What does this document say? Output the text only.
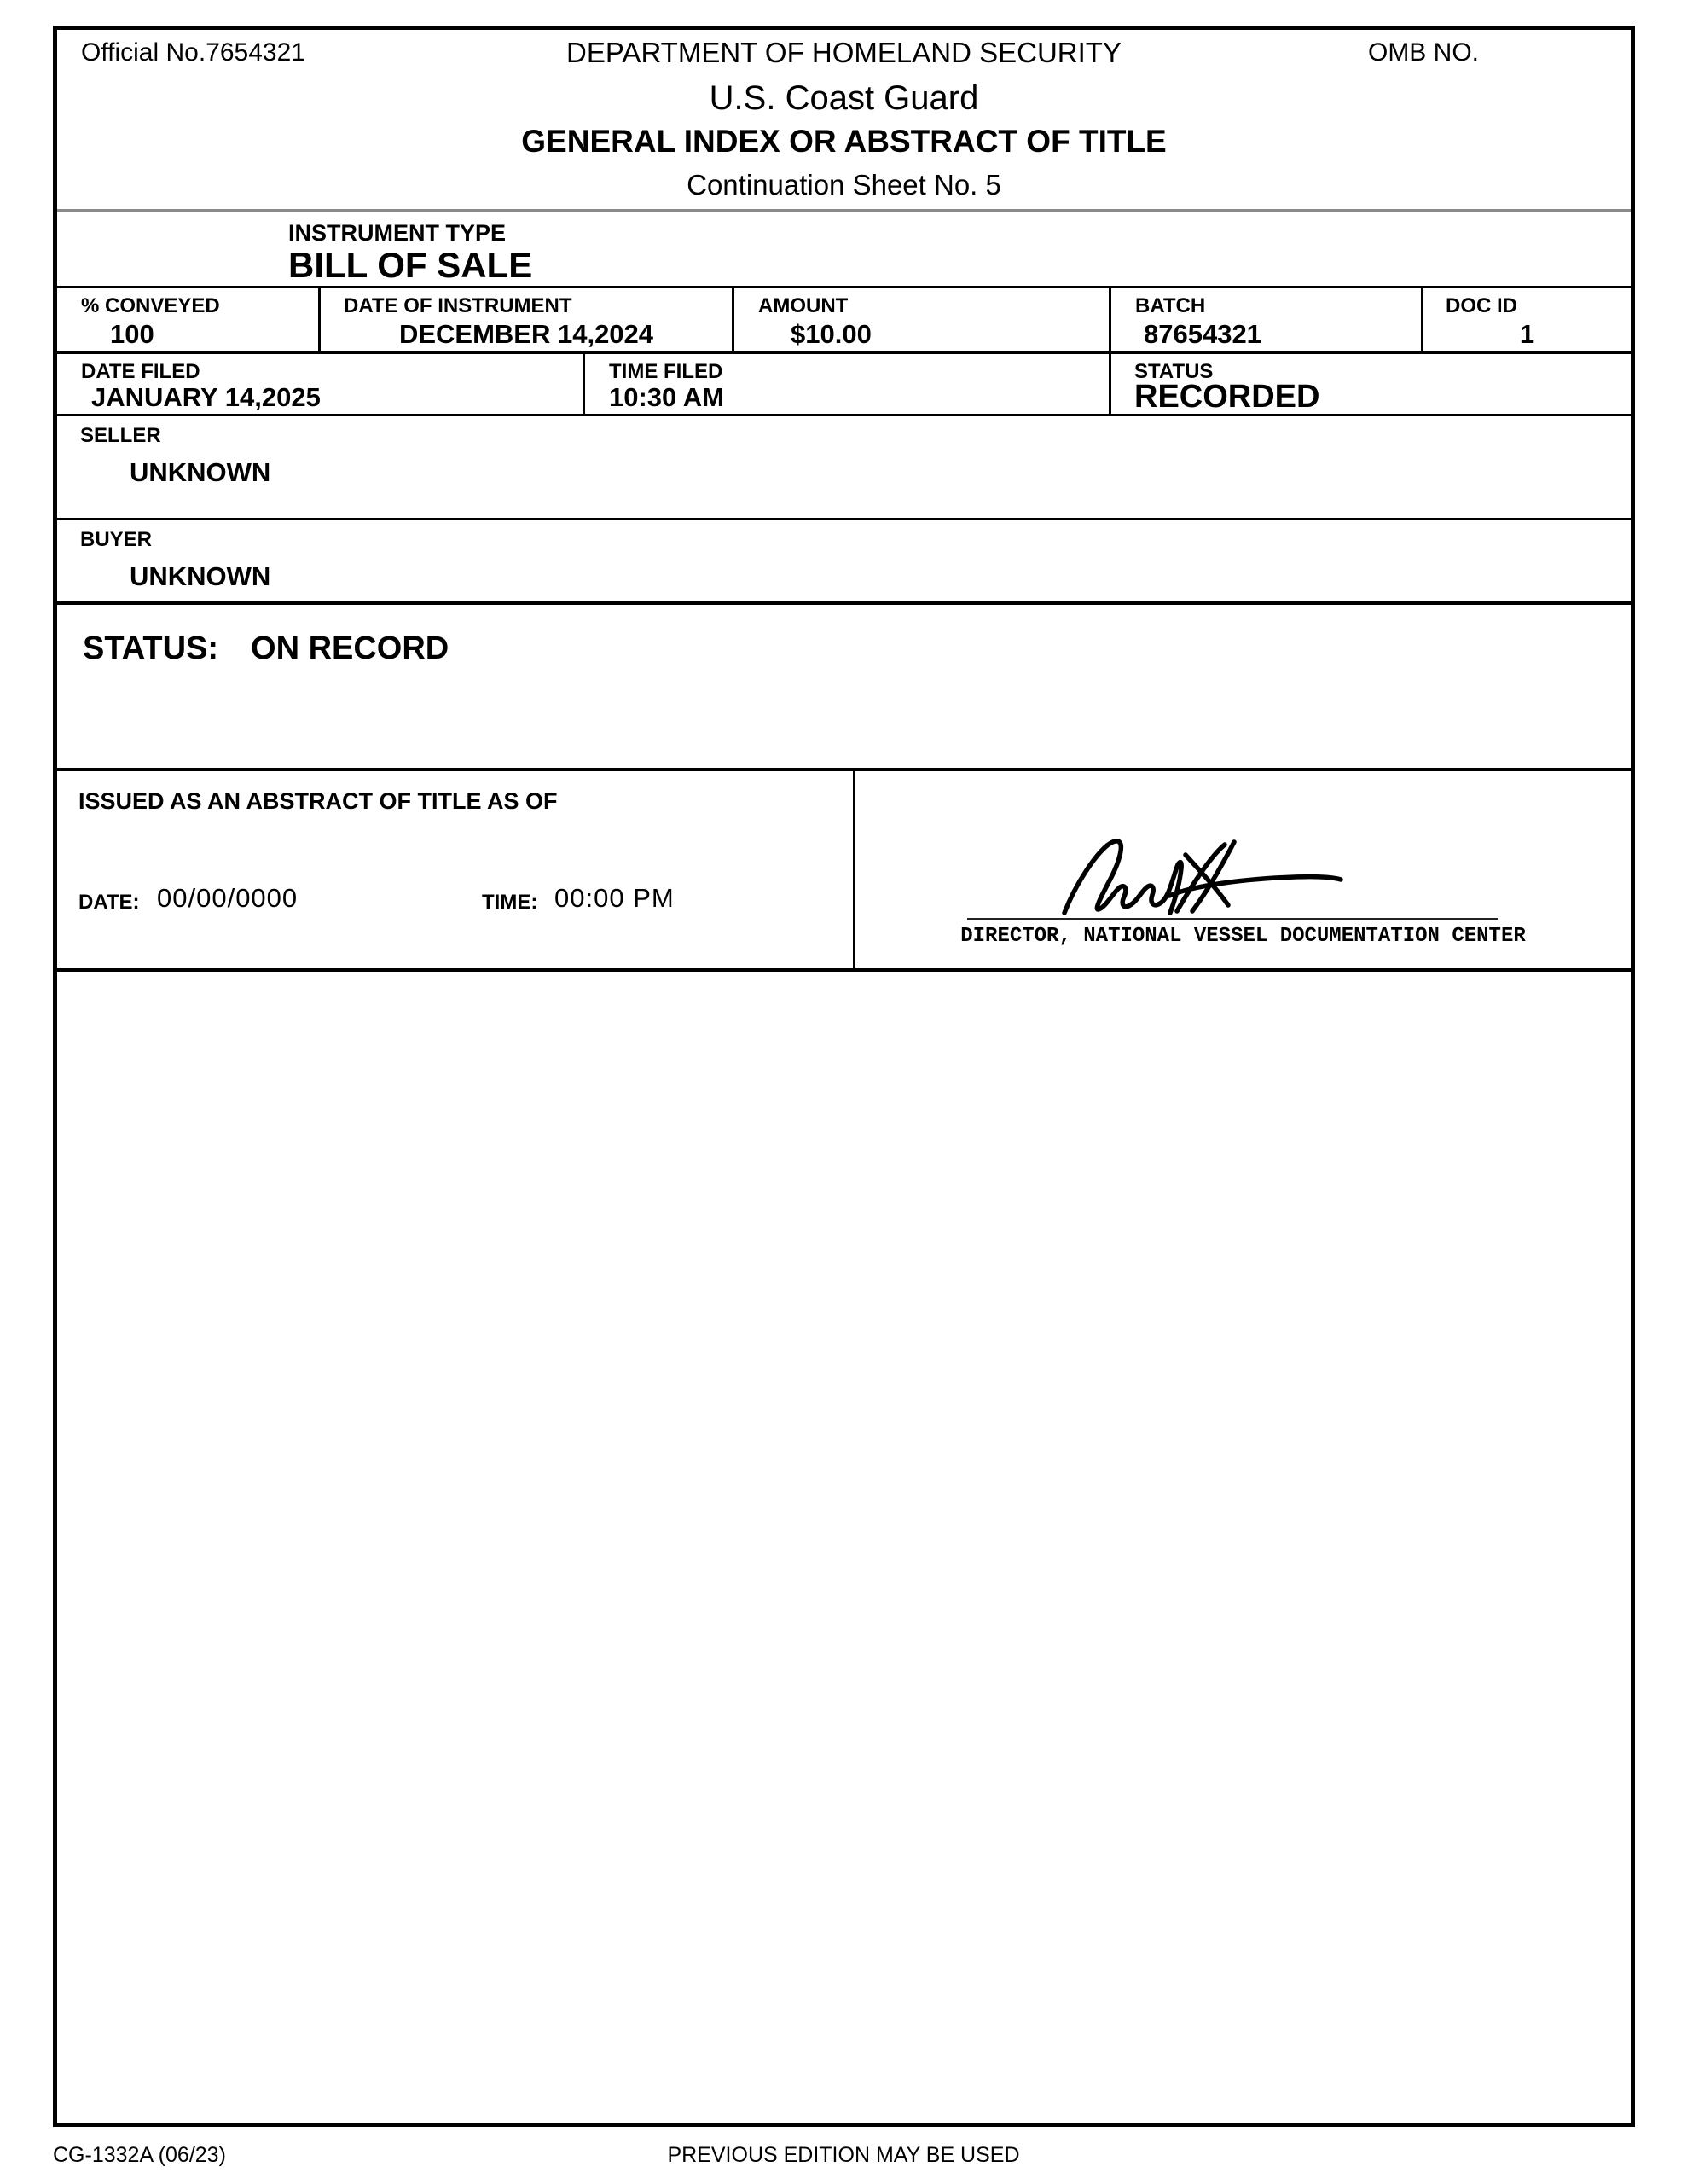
Official No.7654321	DEPARTMENT OF HOMELAND SECURITY	OMB NO.
U.S. Coast Guard
GENERAL INDEX OR ABSTRACT OF TITLE
Continuation Sheet No. 5
INSTRUMENT TYPE
BILL OF SALE
% CONVEYED
100
DATE OF INSTRUMENT
DECEMBER 14,2024
AMOUNT
$10.00
BATCH
87654321
DOC ID
1
DATE FILED
JANUARY 14,2025
TIME FILED
10:30 AM
STATUS
RECORDED
SELLER
UNKNOWN
BUYER
UNKNOWN
STATUS: ON RECORD
ISSUED AS AN ABSTRACT OF TITLE AS OF
DATE: 00/00/0000	TIME: 00:00 PM
DIRECTOR, NATIONAL VESSEL DOCUMENTATION CENTER
CG-1332A (06/23)	PREVIOUS EDITION MAY BE USED
